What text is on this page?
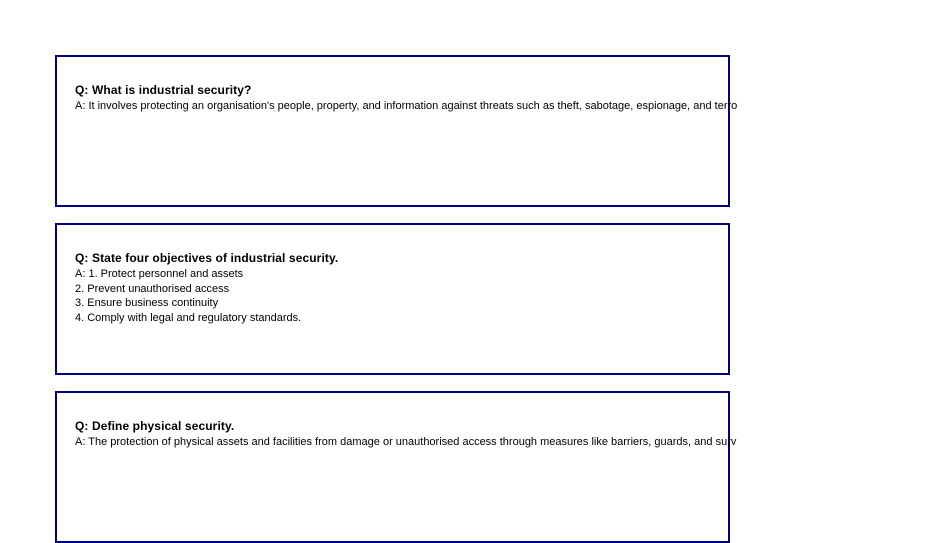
Q: What is industrial security?
A: It involves protecting an organisation's people, property, and information against threats such as theft, sabotage, espionage, and terro
Q: State four objectives of industrial security.
A: 1. Protect personnel and assets
2. Prevent unauthorised access
3. Ensure business continuity
4. Comply with legal and regulatory standards.
Q: Define physical security.
A: The protection of physical assets and facilities from damage or unauthorised access through measures like barriers, guards, and surv
